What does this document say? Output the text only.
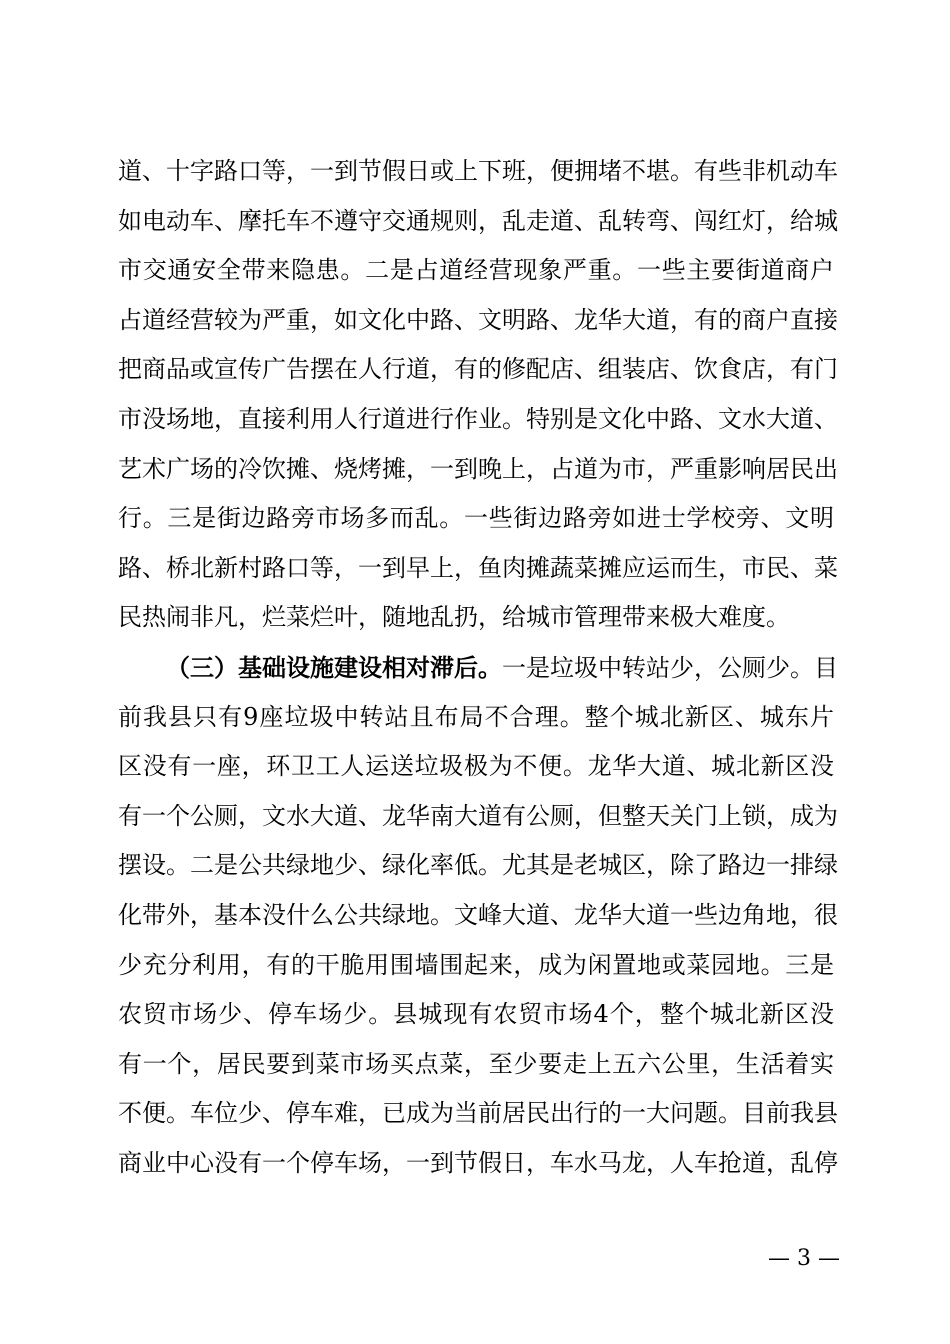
道、十字路口等，一到节假日或上下班，便拥堵不堪。有些非机动车
如电动车、摩托车不遵守交通规则，乱走道、乱转弯、闯红灯，给城
市交通安全带来隐患。二是占道经营现象严重。一些主要街道商户
占道经营较为严重，如文化中路、文明路、龙华大道，有的商户直接
把商品或宣传广告摆在人行道，有的修配店、组装店、饮食店，有门
市没场地，直接利用人行道进行作业。特别是文化中路、文水大道、
艺术广场的冷饮摊、烧烤摊，一到晚上，占道为市，严重影响居民出
行。三是街边路旁市场多而乱。一些街边路旁如进士学校旁、文明
路、桥北新村路口等，一到早上，鱼肉摊蔬菜摊应运而生，市民、菜
民热闹非凡，烂菜烂叶，随地乱扔，给城市管理带来极大难度。
（三）基础设施建设相对滞后。一是垃圾中转站少，公厕少。目
前我县只有9座垃圾中转站且布局不合理。整个城北新区、城东片
区没有一座，环卫工人运送垃圾极为不便。龙华大道、城北新区没
有一个公厕，文水大道、龙华南大道有公厕，但整天关门上锁，成为
摆设。二是公共绿地少、绿化率低。尤其是老城区，除了路边一排绿
化带外，基本没什么公共绿地。文峰大道、龙华大道一些边角地，很
少充分利用，有的干脆用围墙围起来，成为闲置地或菜园地。三是
农贸市场少、停车场少。县城现有农贸市场4个，整个城北新区没
有一个，居民要到菜市场买点菜，至少要走上五六公里，生活着实
不便。车位少、停车难，已成为当前居民出行的一大问题。目前我县
商业中心没有一个停车场，一到节假日，车水马龙，人车抢道，乱停
— 3 —
